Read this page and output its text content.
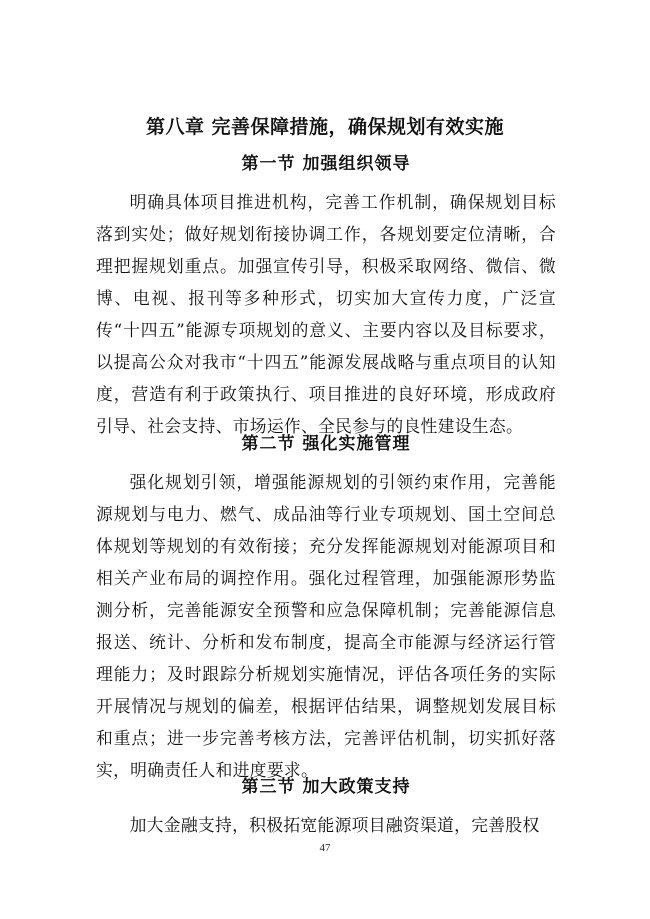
第八章 完善保障措施，确保规划有效实施
第一节 加强组织领导

明确具体项目推进机构，完善工作机制，确保规划目标落到实处；做好规划衔接协调工作，各规划要定位清晰，合理把握规划重点。加强宣传引导，积极采取网络、微信、微博、电视、报刊等多种形式，切实加大宣传力度，广泛宣传“十四五”能源专项规划的意义、主要内容以及目标要求，以提高公众对我市“十四五”能源发展战略与重点项目的认知度，营造有利于政策执行、项目推进的良好环境，形成政府引导、社会支持、市场运作、全民参与的良性建设生态。

第二节 强化实施管理

强化规划引领，增强能源规划的引领约束作用，完善能源规划与电力、燃气、成品油等行业专项规划、国土空间总体规划等规划的有效衔接；充分发挥能源规划对能源项目和相关产业布局的调控作用。强化过程管理，加强能源形势监测分析，完善能源安全预警和应急保障机制；完善能源信息报送、统计、分析和发布制度，提高全市能源与经济运行管理能力；及时跟踪分析规划实施情况，评估各项任务的实际开展情况与规划的偏差，根据评估结果，调整规划发展目标和重点；进一步完善考核方法，完善评估机制，切实抓好落实，明确责任人和进度要求。

第三节 加大政策支持

加大金融支持，积极拓宽能源项目融资渠道，完善股权

47
